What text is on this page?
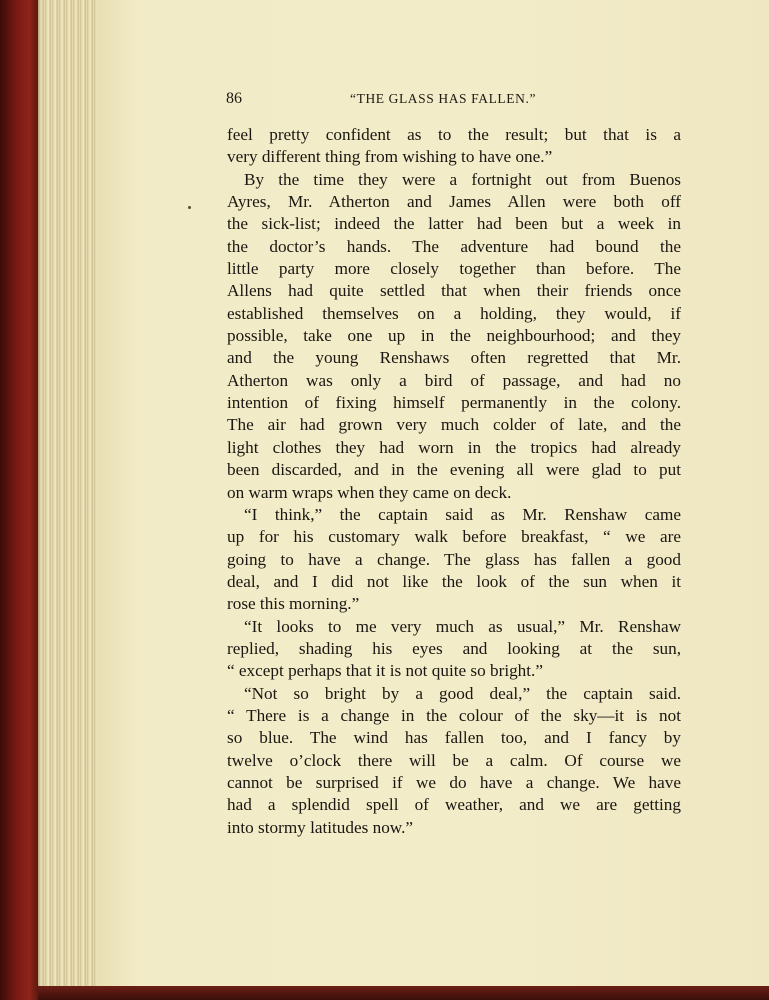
86	“THE GLASS HAS FALLEN.”
feel pretty confident as to the result; but that is a
very different thing from wishing to have one.”
By the time they were a fortnight out from Buenos
Ayres, Mr. Atherton and James Allen were both off
the sick-list; indeed the latter had been but a week in
the doctor’s hands. The adventure had bound the
little party more closely together than before. The
Allens had quite settled that when their friends once
established themselves on a holding, they would, if
possible, take one up in the neighbourhood; and they
and the young Renshaws often regretted that Mr.
Atherton was only a bird of passage, and had no
intention of fixing himself permanently in the colony.
The air had grown very much colder of late, and the
light clothes they had worn in the tropics had already
been discarded, and in the evening all were glad to put
on warm wraps when they came on deck.
“I think,” the captain said as Mr. Renshaw came
up for his customary walk before breakfast, “ we are
going to have a change. The glass has fallen a good
deal, and I did not like the look of the sun when it
rose this morning.”
“It looks to me very much as usual,” Mr. Renshaw
replied, shading his eyes and looking at the sun,
“ except perhaps that it is not quite so bright.”
“Not so bright by a good deal,” the captain said.
“ There is a change in the colour of the sky—it is not
so blue. The wind has fallen too, and I fancy by
twelve o’clock there will be a calm. Of course we
cannot be surprised if we do have a change. We have
had a splendid spell of weather, and we are getting
into stormy latitudes now.”
